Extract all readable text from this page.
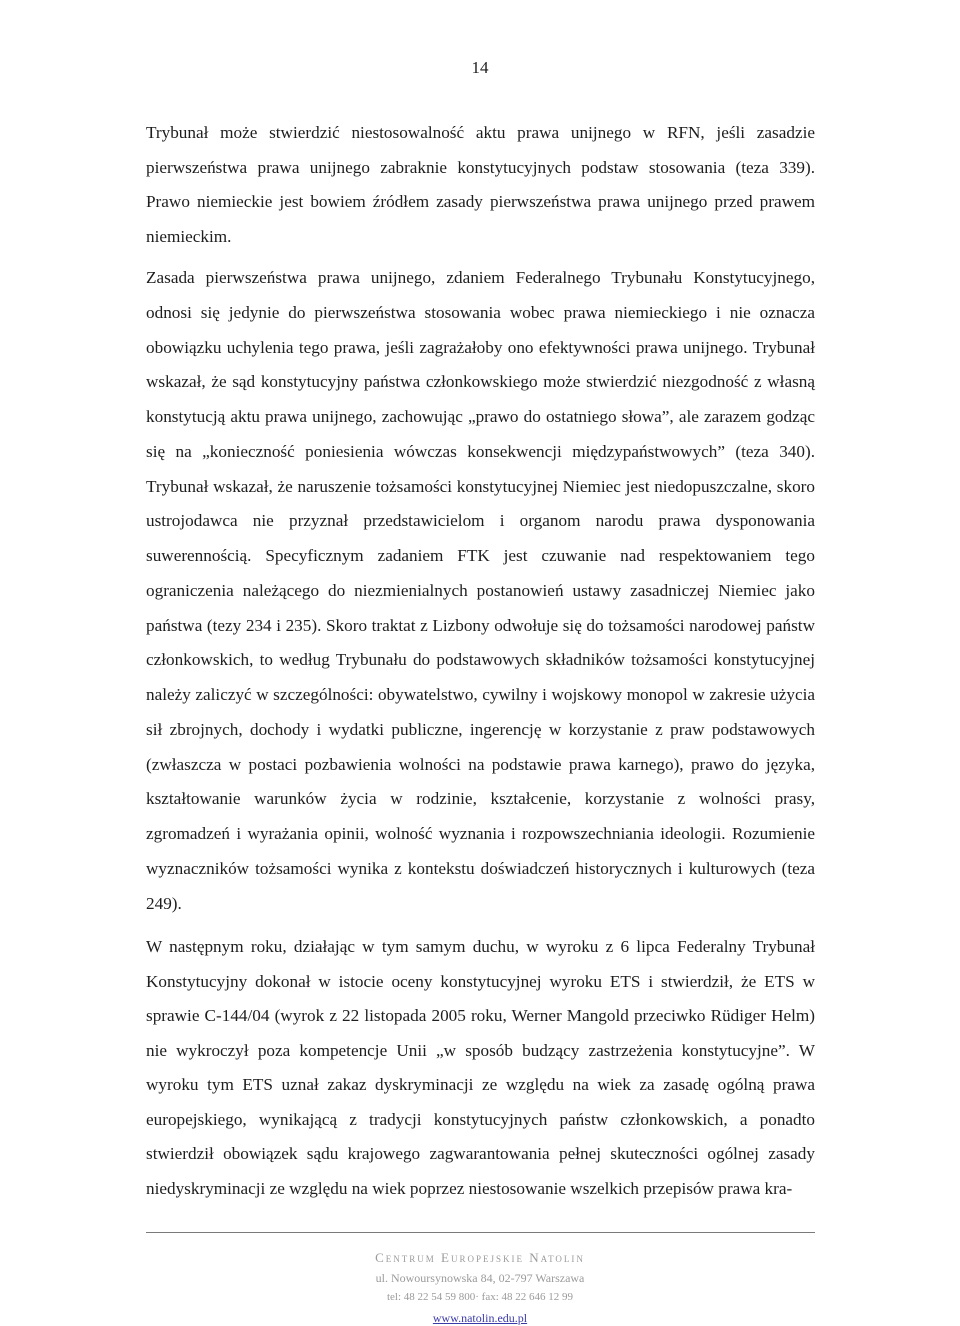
14

Trybunał może stwierdzić niestosowalność aktu prawa unijnego w RFN, jeśli zasadzie pierwszeństwa prawa unijnego zabraknie konstytucyjnych podstaw stosowania (teza 339). Prawo niemieckie jest bowiem źródłem zasady pierwszeństwa prawa unijnego przed prawem niemieckim.

Zasada pierwszeństwa prawa unijnego, zdaniem Federalnego Trybunału Konstytucyjnego, odnosi się jedynie do pierwszeństwa stosowania wobec prawa niemieckiego i nie oznacza obowiązku uchylenia tego prawa, jeśli zagrażałoby ono efektywności prawa unijnego. Trybunał wskazał, że sąd konstytucyjny państwa członkowskiego może stwierdzić niezgodność z własną konstytucją aktu prawa unijnego, zachowując „prawo do ostatniego słowa”, ale zarazem godząc się na „konieczność poniesienia wówczas konsekwencji międzypaństwowych” (teza 340). Trybunał wskazał, że naruszenie tożsamości konstytucyjnej Niemiec jest niedopuszczalne, skoro ustrojodawca nie przyznał przedstawicielom i organom narodu prawa dysponowania suwerennością. Specyficznym zadaniem FTK jest czuwanie nad respektowaniem tego ograniczenia należącego do niezmienialnych postanowień ustawy zasadniczej Niemiec jako państwa (tezy 234 i 235). Skoro traktat z Lizbony odwołuje się do tożsamości narodowej państw członkowskich, to według Trybunału do podstawowych składników tożsamości konstytucyjnej należy zaliczyć w szczególności: obywatelstwo, cywilny i wojskowy monopol w zakresie użycia sił zbrojnych, dochody i wydatki publiczne, ingerencję w korzystanie z praw podstawowych (zwłaszcza w postaci pozbawienia wolności na podstawie prawa karnego), prawo do języka, kształtowanie warunków życia w rodzinie, kształcenie, korzystanie z wolności prasy, zgromadzeń i wyrażania opinii, wolność wyznania i rozpowszechniania ideologii. Rozumienie wyznaczników tożsamości wynika z kontekstu doświadczeń historycznych i kulturowych (teza 249).

W następnym roku, działając w tym samym duchu, w wyroku z 6 lipca Federalny Trybunał Konstytucyjny dokonał w istocie oceny konstytucyjnej wyroku ETS i stwierdził, że ETS w sprawie C-144/04 (wyrok z 22 listopada 2005 roku, Werner Mangold przeciwko Rüdiger Helm) nie wykroczył poza kompetencje Unii „w sposób budzący zastrzeżenia konstytucyjne”. W wyroku tym ETS uznał zakaz dyskryminacji ze względu na wiek za zasadę ogólną prawa europejskiego, wynikającą z tradycji konstytucyjnych państw członkowskich, a ponadto stwierdził obowiązek sądu krajowego zagwarantowania pełnej skuteczności ogólnej zasady niedyskryminacji ze względu na wiek poprzez niestosowanie wszelkich przepisów prawa kra-

Centrum Europejskie Natolin
ul. Nowoursynowska 84, 02-797 Warszawa
tel: 48 22 54 59 800· fax: 48 22 646 12 99
www.natolin.edu.pl
